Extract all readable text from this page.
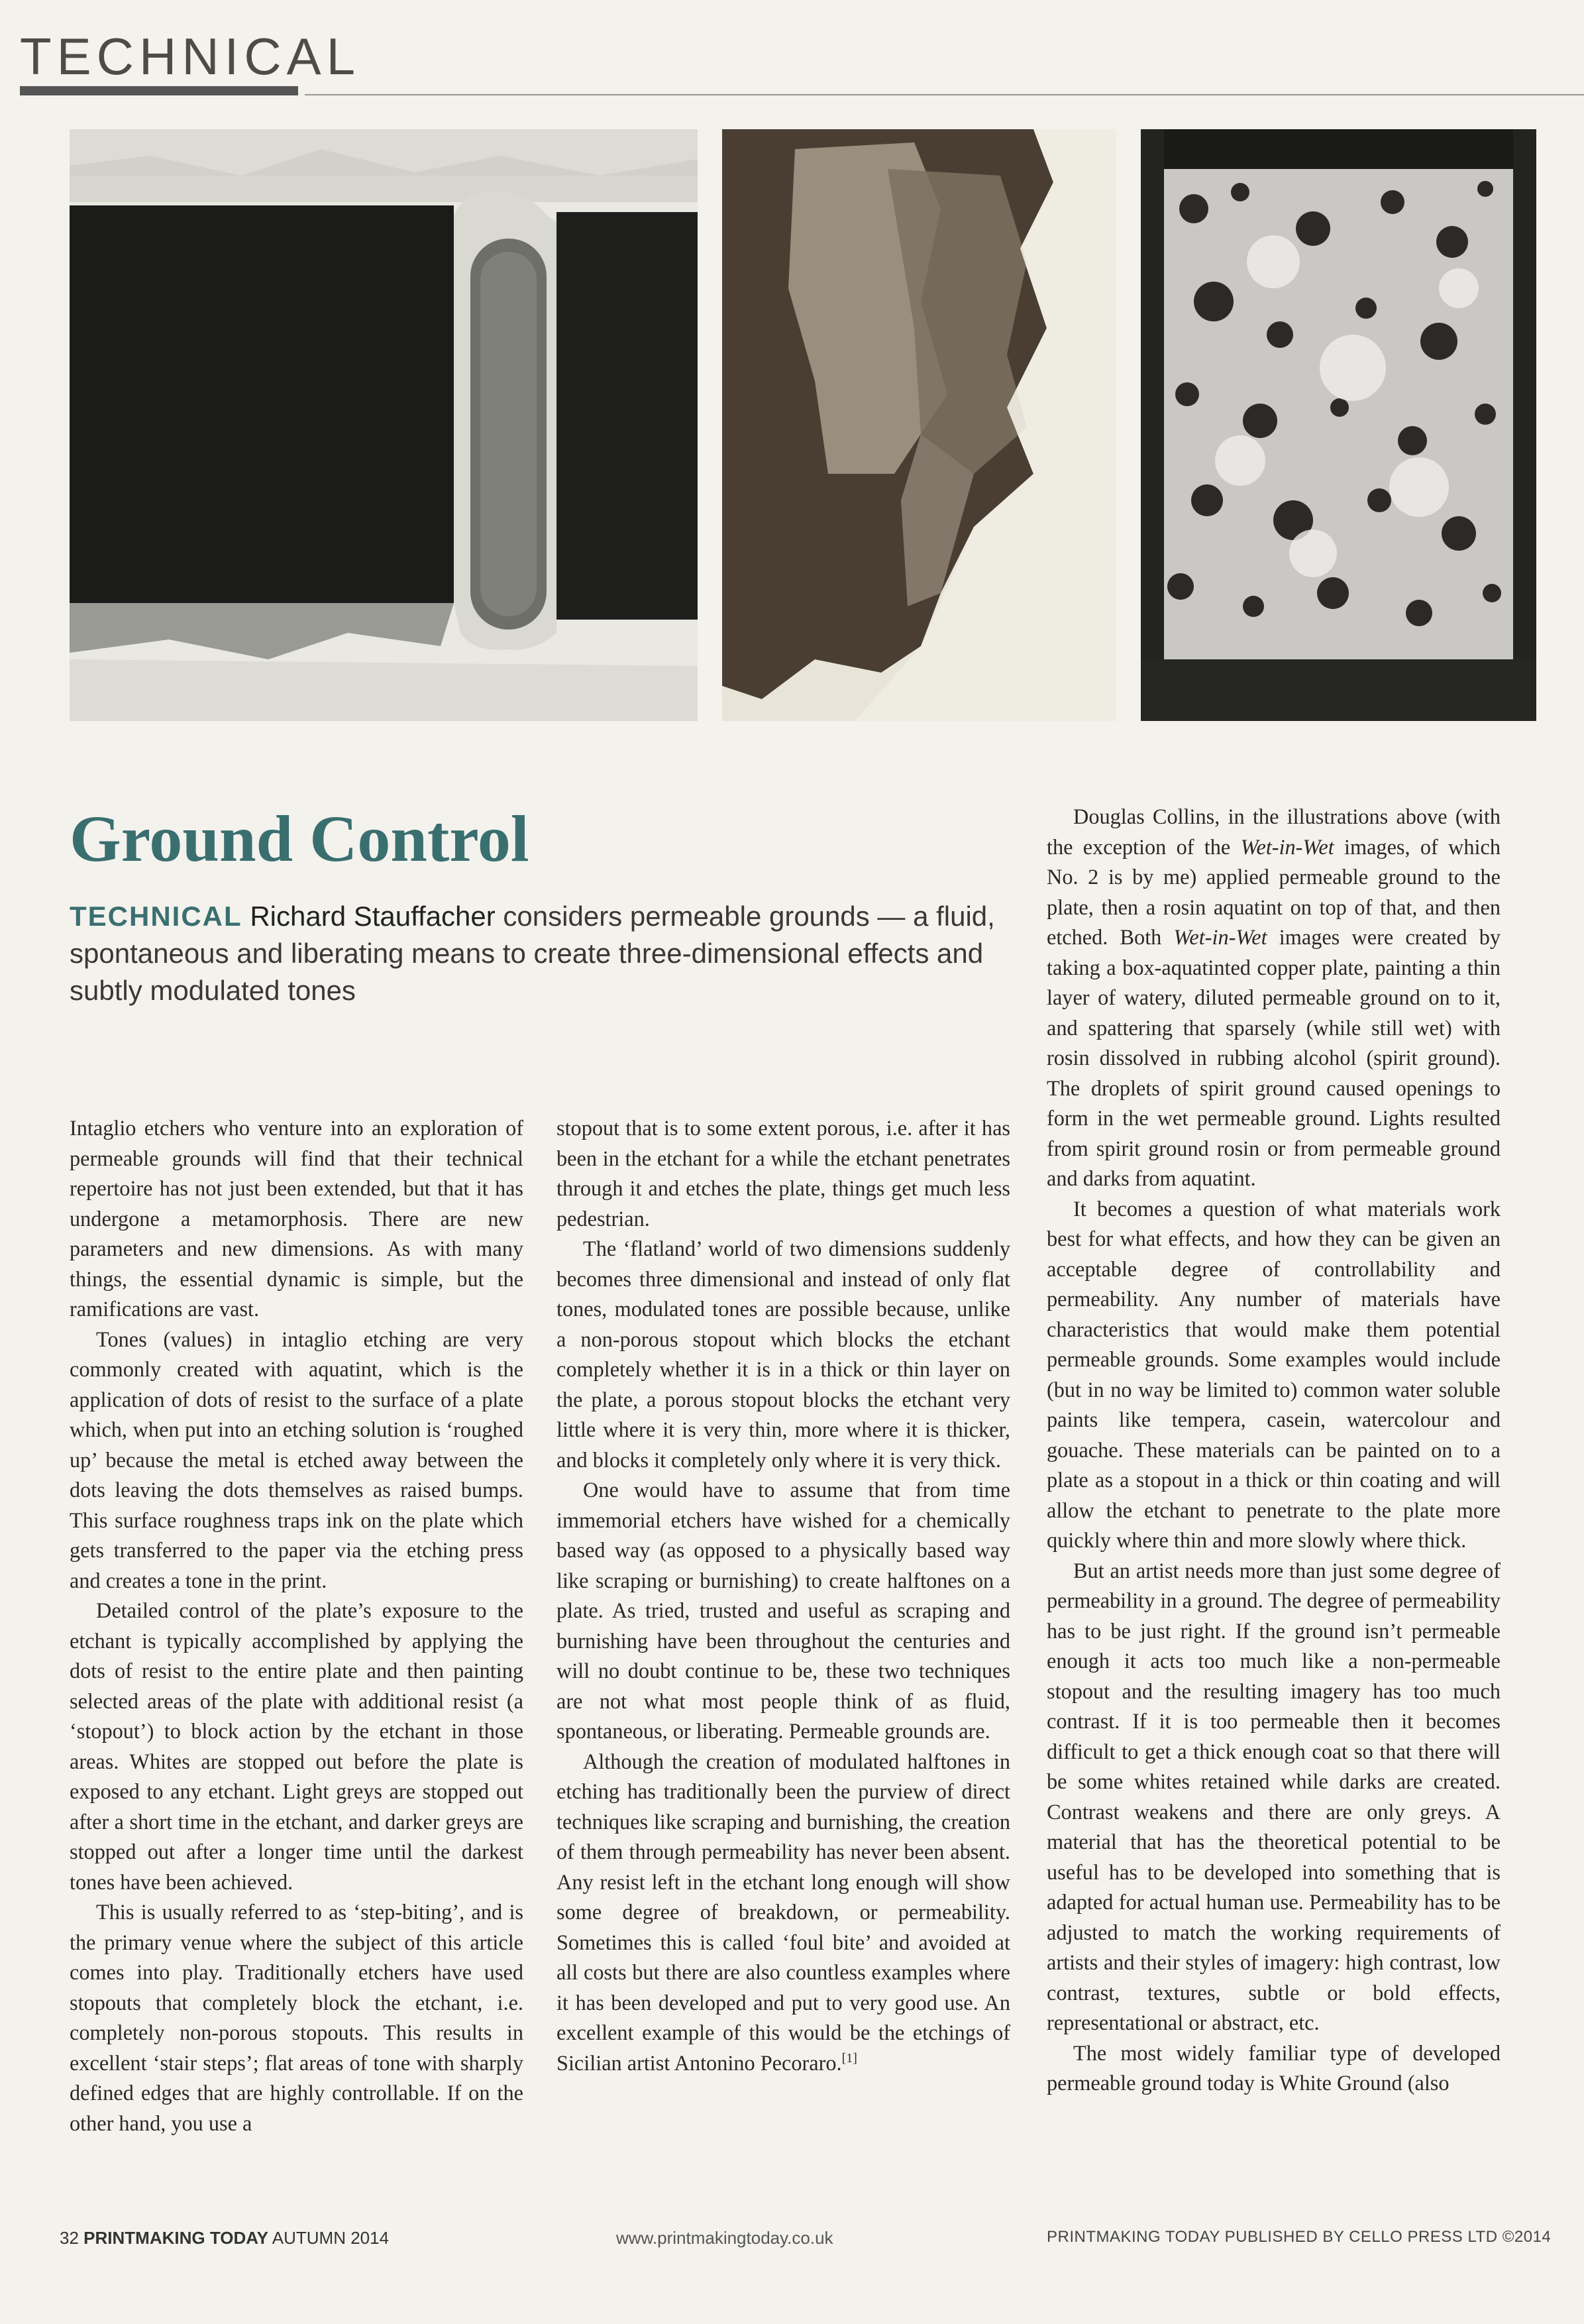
TECHNICAL
Ground Control

TECHNICAL Richard Stauffacher considers permeable grounds — a fluid, spontaneous and liberating means to create three-dimensional effects and subtly modulated tones

Intaglio etchers who venture into an exploration of permeable grounds will find that their technical repertoire has not just been extended, but that it has undergone a metamorphosis. There are new parameters and new dimensions. As with many things, the essential dynamic is simple, but the ramifications are vast.

Tones (values) in intaglio etching are very commonly created with aquatint, which is the application of dots of resist to the surface of a plate which, when put into an etching solution is ‘roughed up’ because the metal is etched away between the dots leaving the dots themselves as raised bumps. This surface roughness traps ink on the plate which gets transferred to the paper via the etching press and creates a tone in the print.

Detailed control of the plate’s exposure to the etchant is typically accomplished by applying the dots of resist to the entire plate and then painting selected areas of the plate with additional resist (a ‘stopout’) to block action by the etchant in those areas. Whites are stopped out before the plate is exposed to any etchant. Light greys are stopped out after a short time in the etchant, and darker greys are stopped out after a longer time until the darkest tones have been achieved.

This is usually referred to as ‘step-biting’, and is the primary venue where the subject of this article comes into play. Traditionally etchers have used stopouts that completely block the etchant, i.e. completely non-porous stopouts. This results in excellent ‘stair steps’; flat areas of tone with sharply defined edges that are highly controllable. If on the other hand, you use a

stopout that is to some extent porous, i.e. after it has been in the etchant for a while the etchant penetrates through it and etches the plate, things get much less pedestrian.

The ‘flatland’ world of two dimensions suddenly becomes three dimensional and instead of only flat tones, modulated tones are possible because, unlike a non-porous stopout which blocks the etchant completely whether it is in a thick or thin layer on the plate, a porous stopout blocks the etchant very little where it is very thin, more where it is thicker, and blocks it completely only where it is very thick.

One would have to assume that from time immemorial etchers have wished for a chemically based way (as opposed to a physically based way like scraping or burnishing) to create halftones on a plate. As tried, trusted and useful as scraping and burnishing have been throughout the centuries and will no doubt continue to be, these two techniques are not what most people think of as fluid, spontaneous, or liberating. Permeable grounds are.

Although the creation of modulated halftones in etching has traditionally been the purview of direct techniques like scraping and burnishing, the creation of them through permeability has never been absent. Any resist left in the etchant long enough will show some degree of breakdown, or permeability. Sometimes this is called ‘foul bite’ and avoided at all costs but there are also countless examples where it has been developed and put to very good use. An excellent example of this would be the etchings of Sicilian artist Antonino Pecoraro.[1]

Douglas Collins, in the illustrations above (with the exception of the Wet-in-Wet images, of which No. 2 is by me) applied permeable ground to the plate, then a rosin aquatint on top of that, and then etched. Both Wet-in-Wet images were created by taking a box-aquatinted copper plate, painting a thin layer of watery, diluted permeable ground on to it, and spattering that sparsely (while still wet) with rosin dissolved in rubbing alcohol (spirit ground). The droplets of spirit ground caused openings to form in the wet permeable ground. Lights resulted from spirit ground rosin or from permeable ground and darks from aquatint.

It becomes a question of what materials work best for what effects, and how they can be given an acceptable degree of controllability and permeability. Any number of materials have characteristics that would make them potential permeable grounds. Some examples would include (but in no way be limited to) common water soluble paints like tempera, casein, watercolour and gouache. These materials can be painted on to a plate as a stopout in a thick or thin coating and will allow the etchant to penetrate to the plate more quickly where thin and more slowly where thick.

But an artist needs more than just some degree of permeability in a ground. The degree of permeability has to be just right. If the ground isn’t permeable enough it acts too much like a non-permeable stopout and the resulting imagery has too much contrast. If it is too permeable then it becomes difficult to get a thick enough coat so that there will be some whites retained while darks are created. Contrast weakens and there are only greys. A material that has the theoretical potential to be useful has to be developed into something that is adapted for actual human use. Permeability has to be adjusted to match the working requirements of artists and their styles of imagery: high contrast, low contrast, textures, subtle or bold effects, representational or abstract, etc.

The most widely familiar type of developed permeable ground today is White Ground (also

32 PRINTMAKING TODAY AUTUMN 2014	www.printmakingtoday.co.uk	PRINTMAKING TODAY PUBLISHED BY CELLO PRESS LTD ©2014
